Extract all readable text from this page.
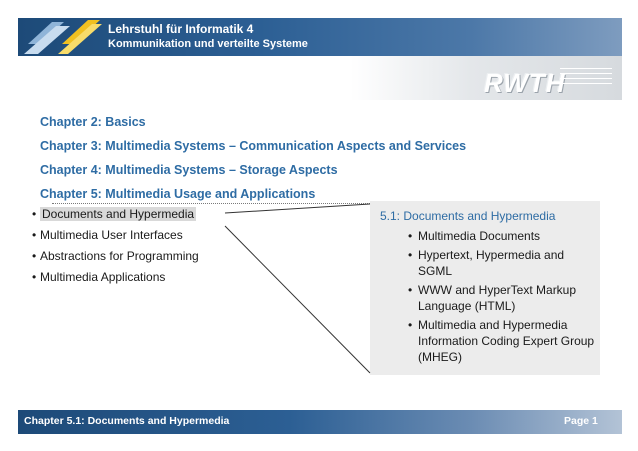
Lehrstuhl für Informatik 4
Kommunikation und verteilte Systeme
RWTH
Chapter 2: Basics
Chapter 3: Multimedia Systems – Communication Aspects and Services
Chapter 4: Multimedia Systems – Storage Aspects
Chapter 5: Multimedia Usage and Applications
• Documents and Hypermedia
• Multimedia User Interfaces
• Abstractions for Programming
• Multimedia Applications
5.1: Documents and Hypermedia
• Multimedia Documents
• Hypertext, Hypermedia and SGML
• WWW and HyperText Markup Language (HTML)
• Multimedia and Hypermedia Information Coding Expert Group (MHEG)
Chapter 5.1: Documents and Hypermedia	Page 1
